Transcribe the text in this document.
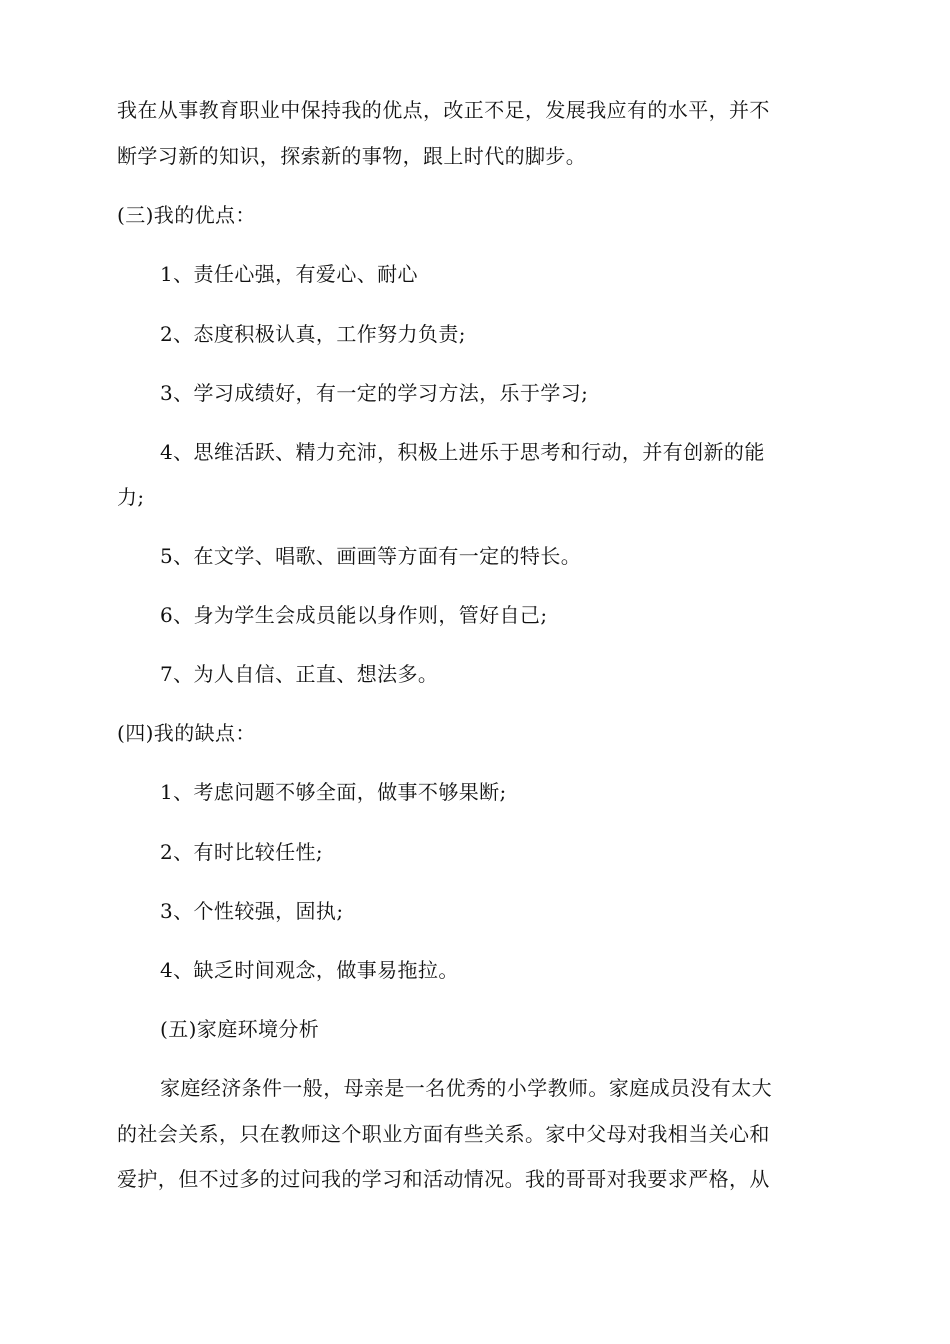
我在从事教育职业中保持我的优点，改正不足，发展我应有的水平，并不
断学习新的知识，探索新的事物，跟上时代的脚步。
(三)我的优点：
1、责任心强，有爱心、耐心
2、态度积极认真，工作努力负责;
3、学习成绩好，有一定的学习方法，乐于学习;
4、思维活跃、精力充沛，积极上进乐于思考和行动，并有创新的能
力;
5、在文学、唱歌、画画等方面有一定的特长。
6、身为学生会成员能以身作则，管好自己;
7、为人自信、正直、想法多。
(四)我的缺点：
1、考虑问题不够全面，做事不够果断;
2、有时比较任性;
3、个性较强，固执;
4、缺乏时间观念，做事易拖拉。
(五)家庭环境分析
家庭经济条件一般，母亲是一名优秀的小学教师。家庭成员没有太大
的社会关系，只在教师这个职业方面有些关系。家中父母对我相当关心和
爱护，但不过多的过问我的学习和活动情况。我的哥哥对我要求严格，从
